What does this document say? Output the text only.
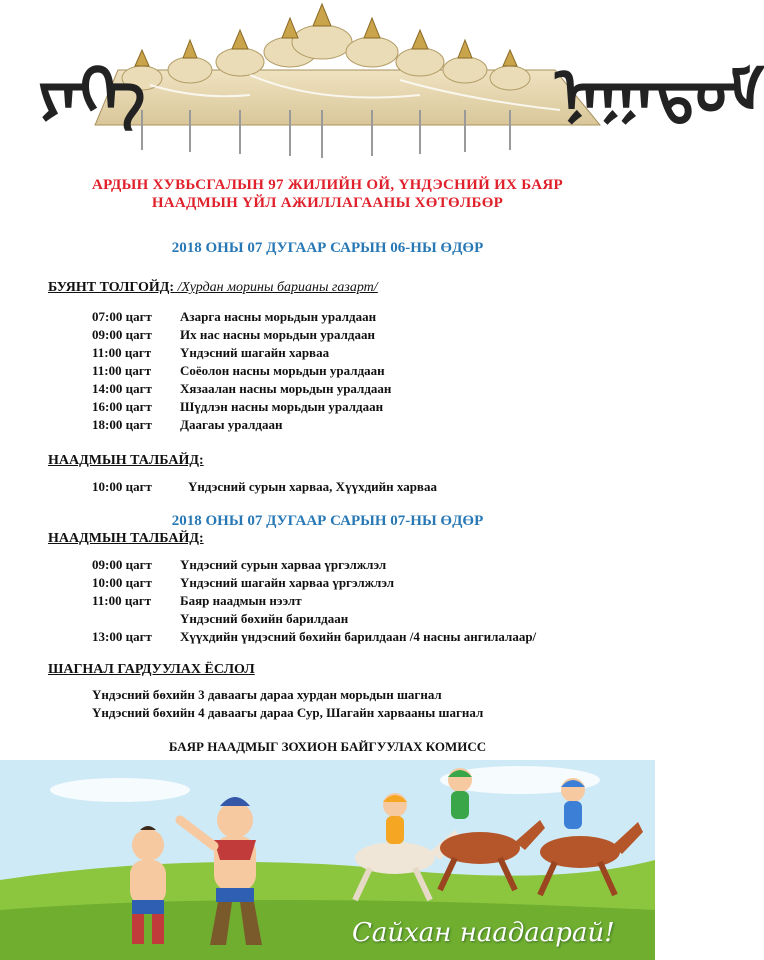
ᠶᠡᠬᠡ	ᠨᠠᠭᠠᠳᠤᠮ
АРДЫН ХУВЬСГАЛЫН 97 ЖИЛИЙН ОЙ, ҮНДЭСНИЙ ИХ БАЯР
НААДМЫН ҮЙЛ АЖИЛЛАГААНЫ ХӨТӨЛБӨР
2018 ОНЫ 07 ДУГААР САРЫН 06-НЫ ӨДӨР
БУЯНТ ТОЛГОЙД: /Хурдан морины барианы газарт/
07:00 цагт Азарга насны морьдын уралдаан
09:00 цагт Их нас насны морьдын уралдаан
11:00 цагт Үндэсний шагайн харваа
11:00 цагт Соёолон насны морьдын уралдаан
14:00 цагт Хязаалан насны морьдын уралдаан
16:00 цагт Шүдлэн насны морьдын уралдаан
18:00 цагт Даагаы уралдаан
НААДМЫН ТАЛБАЙД:
10:00 цагт	Үндэсний сурын харваа, Хүүхдийн харваа
2018 ОНЫ 07 ДУГААР САРЫН 07-НЫ ӨДӨР
НААДМЫН ТАЛБАЙД:
09:00 цагт Үндэсний сурын харваа үргэлжлэл
10:00 цагт Үндэсний шагайн харваа үргэлжлэл
11:00 цагт Баяр наадмын нээлт
Үндэсний бөхийн барилдаан
13:00 цагт Хүүхдийн үндэсний бөхийн барилдаан /4 насны ангилалаар/
ШАГНАЛ ГАРДУУЛАХ ЁСЛОЛ
Үндэсний бөхийн 3 даваагы дараа хурдан морьдын шагнал
Үндэсний бөхийн 4 даваагы дараа Сур, Шагайн харвааны шагнал
БАЯР НААДМЫГ ЗОХИОН БАЙГУУЛАХ КОМИСС
Сайхан наадаарай!
